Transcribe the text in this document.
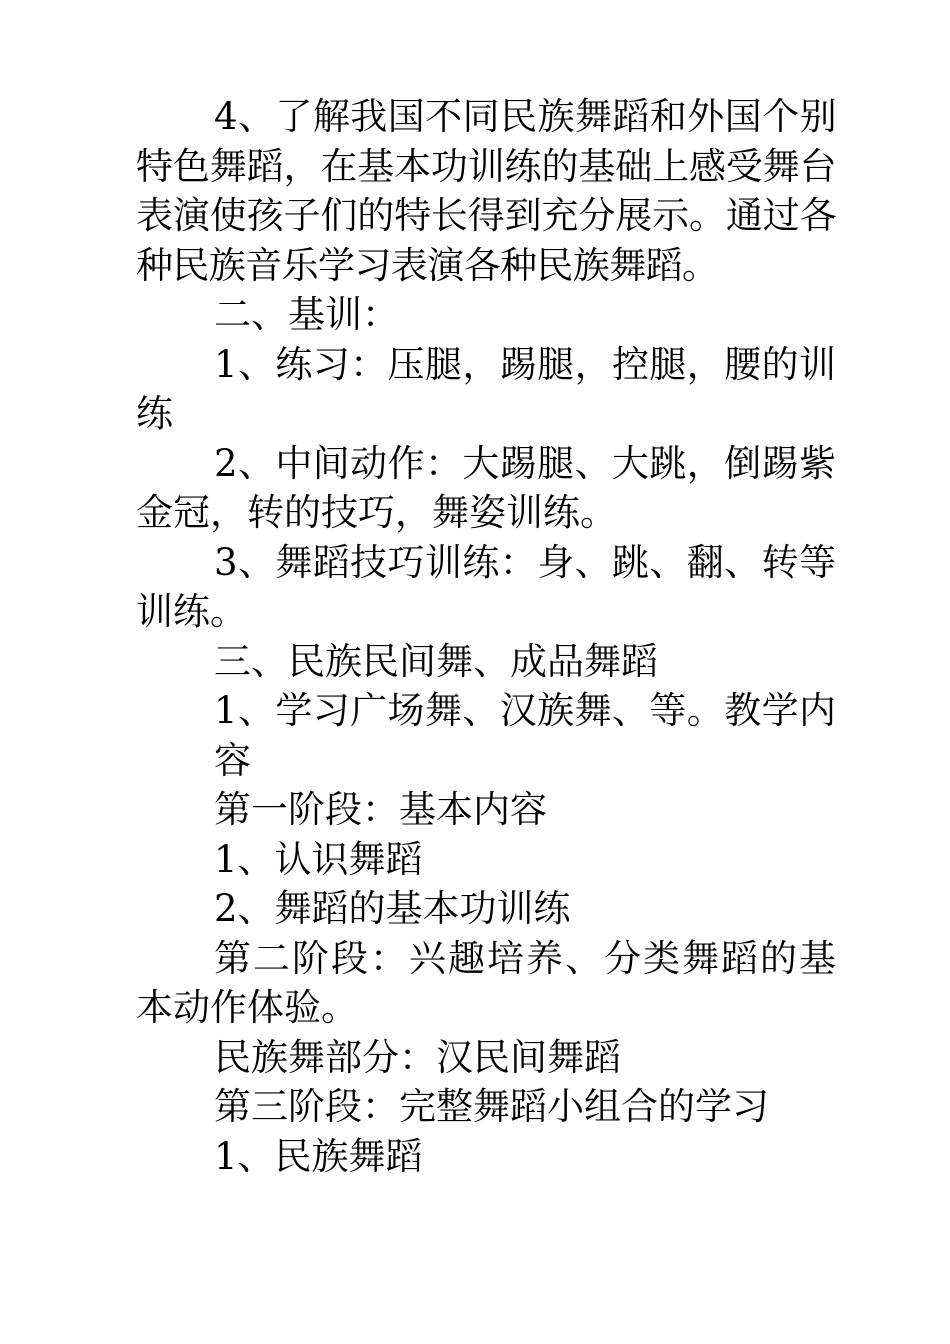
4、了解我国不同民族舞蹈和外国个别特色舞蹈，在基本功训练的基础上感受舞台表演使孩子们的特长得到充分展示。通过各种民族音乐学习表演各种民族舞蹈。

二、基训：

1、练习：压腿，踢腿，控腿，腰的训练

2、中间动作：大踢腿、大跳，倒踢紫金冠，转的技巧，舞姿训练。

3、舞蹈技巧训练：身、跳、翻、转等训练。

三、民族民间舞、成品舞蹈

1、学习广场舞、汉族舞、等。教学内容

第一阶段：基本内容

1、认识舞蹈

2、舞蹈的基本功训练

第二阶段：兴趣培养、分类舞蹈的基本动作体验。

民族舞部分：汉民间舞蹈

第三阶段：完整舞蹈小组合的学习

1、民族舞蹈
